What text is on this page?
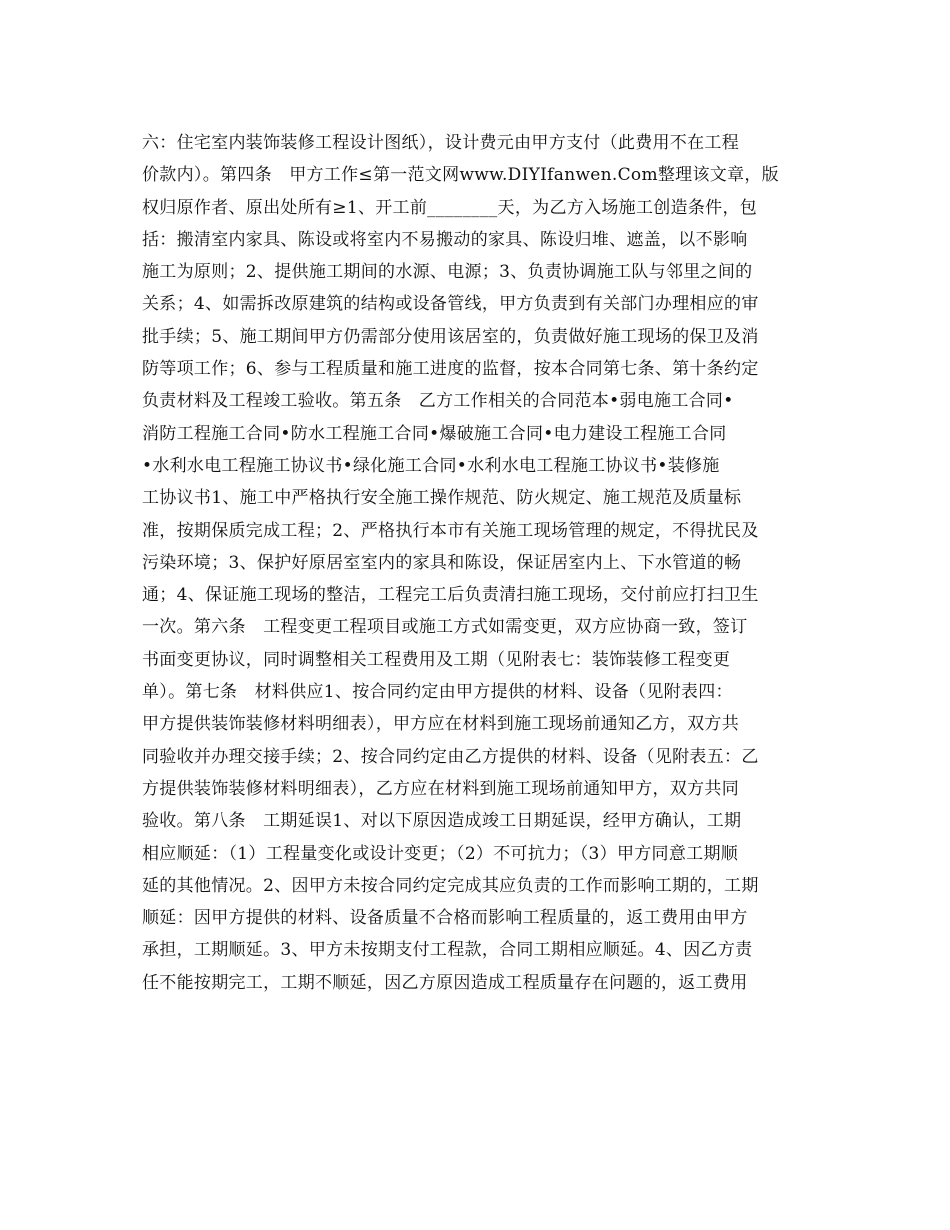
六：住宅室内装饰装修工程设计图纸），设计费元由甲方支付（此费用不在工程
价款内）。第四条　甲方工作≤第一范文网www.DIYIfanwen.Com整理该文章，版
权归原作者、原出处所有≥1、开工前________天，为乙方入场施工创造条件，包
括：搬清室内家具、陈设或将室内不易搬动的家具、陈设归堆、遮盖，以不影响
施工为原则；2、提供施工期间的水源、电源；3、负责协调施工队与邻里之间的
关系；4、如需拆改原建筑的结构或设备管线，甲方负责到有关部门办理相应的审
批手续；5、施工期间甲方仍需部分使用该居室的，负责做好施工现场的保卫及消
防等项工作；6、参与工程质量和施工进度的监督，按本合同第七条、第十条约定
负责材料及工程竣工验收。第五条　乙方工作相关的合同范本•弱电施工合同•
消防工程施工合同•防水工程施工合同•爆破施工合同•电力建设工程施工合同
•水利水电工程施工协议书•绿化施工合同•水利水电工程施工协议书•装修施
工协议书1、施工中严格执行安全施工操作规范、防火规定、施工规范及质量标
准，按期保质完成工程；2、严格执行本市有关施工现场管理的规定，不得扰民及
污染环境；3、保护好原居室室内的家具和陈设，保证居室内上、下水管道的畅
通；4、保证施工现场的整洁，工程完工后负责清扫施工现场，交付前应打扫卫生
一次。第六条　工程变更工程项目或施工方式如需变更，双方应协商一致，签订
书面变更协议，同时调整相关工程费用及工期（见附表七：装饰装修工程变更
单）。第七条　材料供应1、按合同约定由甲方提供的材料、设备（见附表四：
甲方提供装饰装修材料明细表），甲方应在材料到施工现场前通知乙方，双方共
同验收并办理交接手续；2、按合同约定由乙方提供的材料、设备（见附表五：乙
方提供装饰装修材料明细表），乙方应在材料到施工现场前通知甲方，双方共同
验收。第八条　工期延误1、对以下原因造成竣工日期延误，经甲方确认，工期
相应顺延：（1）工程量变化或设计变更；（2）不可抗力；（3）甲方同意工期顺
延的其他情况。2、因甲方未按合同约定完成其应负责的工作而影响工期的，工期
顺延：因甲方提供的材料、设备质量不合格而影响工程质量的，返工费用由甲方
承担，工期顺延。3、甲方未按期支付工程款，合同工期相应顺延。4、因乙方责
任不能按期完工，工期不顺延，因乙方原因造成工程质量存在问题的，返工费用
